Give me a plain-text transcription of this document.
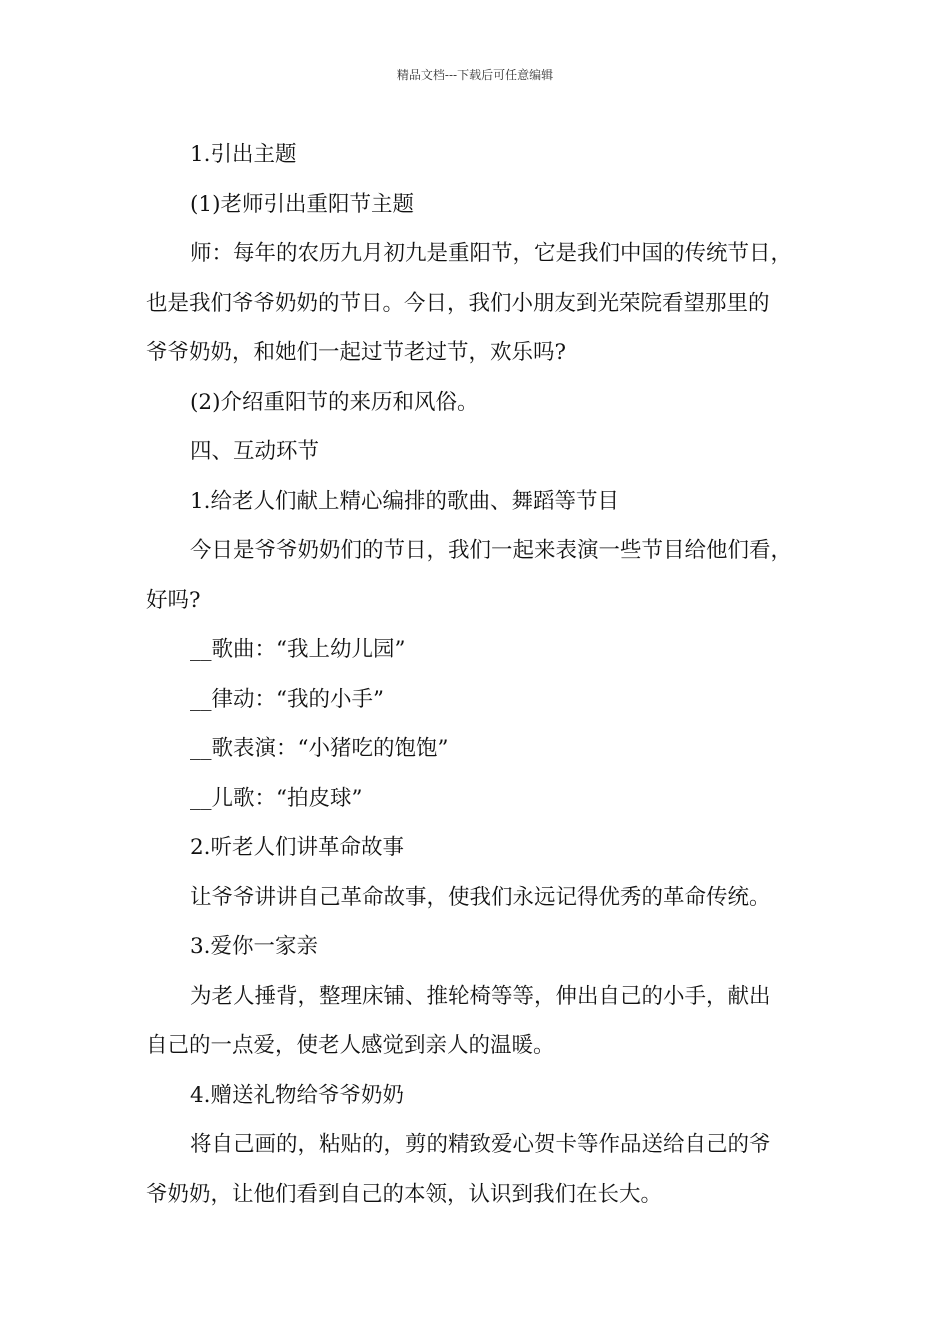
精品文档---下载后可任意编辑
1.引出主题
(1)老师引出重阳节主题
师：每年的农历九月初九是重阳节，它是我们中国的传统节日，
也是我们爷爷奶奶的节日。今日，我们小朋友到光荣院看望那里的
爷爷奶奶，和她们一起过节老过节，欢乐吗?
(2)介绍重阳节的来历和风俗。
四、互动环节
1.给老人们献上精心编排的歌曲、舞蹈等节目
今日是爷爷奶奶们的节日，我们一起来表演一些节目给他们看，
好吗?
__歌曲：“我上幼儿园”
__律动：“我的小手”
__歌表演：“小猪吃的饱饱”
__儿歌：“拍皮球”
2.听老人们讲革命故事
让爷爷讲讲自己革命故事，使我们永远记得优秀的革命传统。
3.爱你一家亲
为老人捶背，整理床铺、推轮椅等等，伸出自己的小手，献出
自己的一点爱，使老人感觉到亲人的温暖。
4.赠送礼物给爷爷奶奶
将自己画的，粘贴的，剪的精致爱心贺卡等作品送给自己的爷
爷奶奶，让他们看到自己的本领，认识到我们在长大。
